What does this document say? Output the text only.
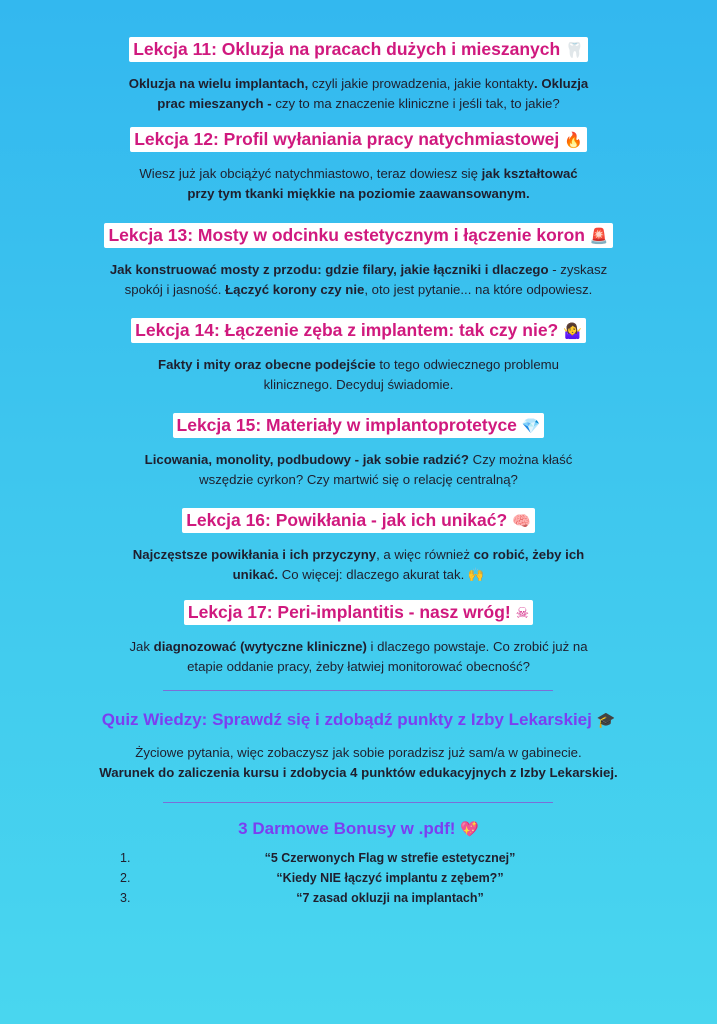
Lekcja 11: Okluzja na pracach dużych i mieszanych 🦷
Okluzja na wielu implantach, czyli jakie prowadzenia, jakie kontakty. Okluzja
prac mieszanych - czy to ma znaczenie kliniczne i jeśli tak, to jakie?
Lekcja 12: Profil wyłaniania pracy natychmiastowej 🔥
Wiesz już jak obciążyć natychmiastowo, teraz dowiesz się jak kształtować
przy tym tkanki miękkie na poziomie zaawansowanym.
Lekcja 13: Mosty w odcinku estetycznym i łączenie koron 🚨
Jak konstruować mosty z przodu: gdzie filary, jakie łączniki i dlaczego - zyskasz
spokój i jasność. Łączyć korony czy nie, oto jest pytanie... na które odpowiesz.
Lekcja 14: Łączenie zęba z implantem: tak czy nie? 🤷‍♀
Fakty i mity oraz obecne podejście to tego odwiecznego problemu
klinicznego. Decyduj świadomie.
Lekcja 15: Materiały w implantoprotetyce 💎
Licowania, monolity, podbudowy - jak sobie radzić? Czy można kłaść
wszędzie cyrkon? Czy martwić się o relację centralną?
Lekcja 16: Powikłania - jak ich unikać? 🧠
Najczęstsze powikłania i ich przyczyny, a więc również co robić, żeby ich
unikać. Co więcej: dlaczego akurat tak. 🙌
Lekcja 17: Peri-implantitis - nasz wróg! ☠
Jak diagnozować (wytyczne kliniczne) i dlaczego powstaje. Co zrobić już na
etapie oddanie pracy, żeby łatwiej monitorować obecność?
Quiz Wiedzy: Sprawdź się i zdobądź punkty z Izby Lekarskiej 🎓
Życiowe pytania, więc zobaczysz jak sobie poradzisz już sam/a w gabinecie.
Warunek do zaliczenia kursu i zdobycia 4 punktów edukacyjnych z Izby Lekarskiej.
3 Darmowe Bonusy w .pdf! 💖
1.	“5 Czerwonych Flag w strefie estetycznej”
2.	“Kiedy NIE łączyć implantu z zębem?”
3.	“7 zasad okluzji na implantach”
